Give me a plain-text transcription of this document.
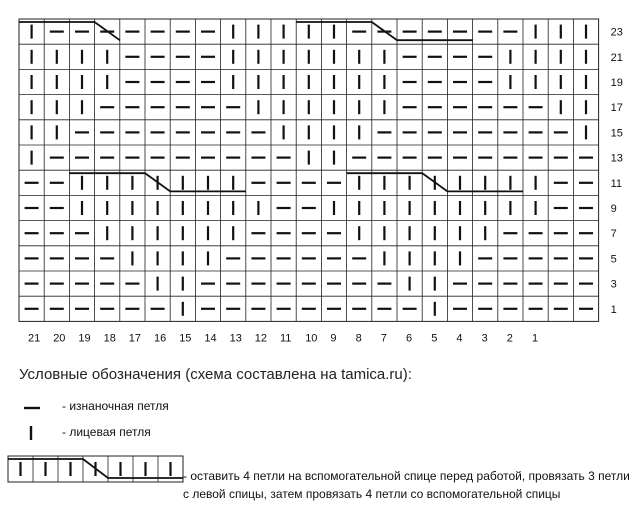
23
21
19
17
15
13
11
9
7
5
3
1
21 20 19 18 17 16 15 14 13 12 11 10 9 8 7 6 5 4 3 2 1
Условные обозначения (схема составлена на tamica.ru):
- изнаночная петля
- лицевая петля
- оставить 4 петли на вспомогательной спице перед работой, провязать 3 петли с левой спицы, затем провязать 4 петли со вспомогательной спицы
